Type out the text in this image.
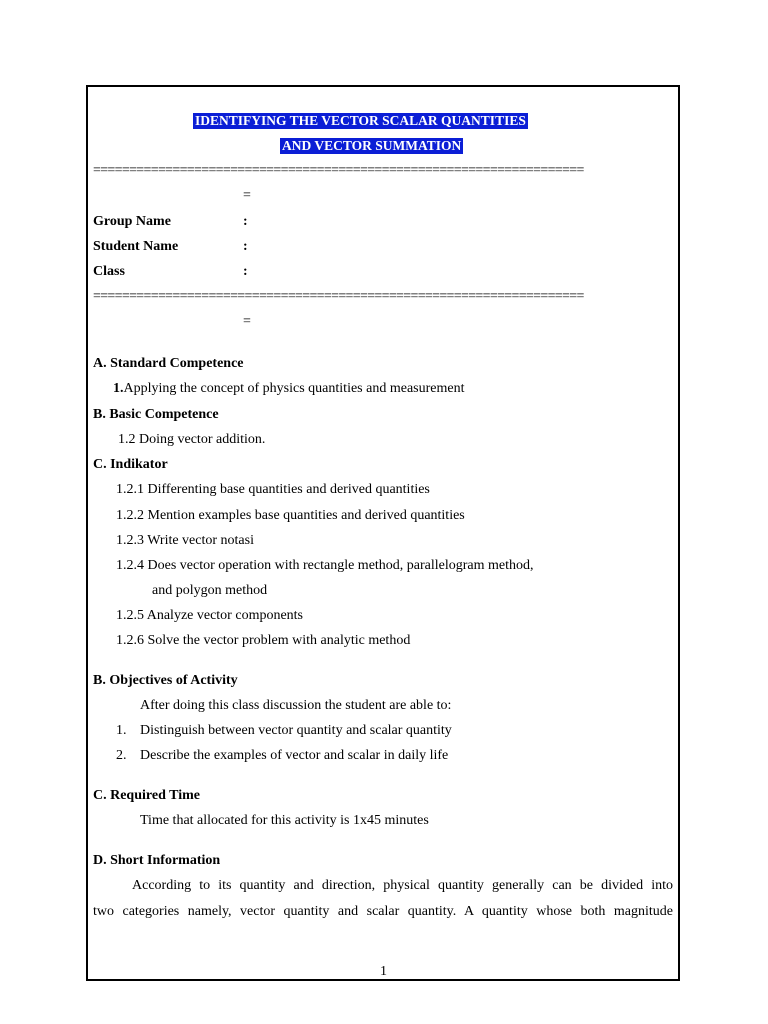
IDENTIFYING THE VECTOR SCALAR QUANTITIES
AND VECTOR SUMMATION
====================================================================
=
Group Name	:
Student Name	:
Class	:
====================================================================
=
A. Standard Competence
1.Applying the concept of physics quantities and measurement
B. Basic Competence
1.2 Doing vector addition.
C. Indikator
1.2.1 Differenting base quantities and derived quantities
1.2.2 Mention examples base quantities and derived quantities
1.2.3 Write vector notasi
1.2.4 Does vector operation with rectangle method, parallelogram method,
and polygon method
1.2.5 Analyze vector components
1.2.6 Solve the vector problem with analytic method
B. Objectives of Activity
After doing this class discussion the student are able to:
1. Distinguish between vector quantity and scalar quantity
2. Describe the examples of vector and scalar in daily life
C. Required Time
Time that allocated for this activity is 1x45 minutes
D. Short Information
According to its quantity and direction, physical quantity generally can be divided into
two categories namely, vector quantity and scalar quantity. A quantity whose both magnitude
1
